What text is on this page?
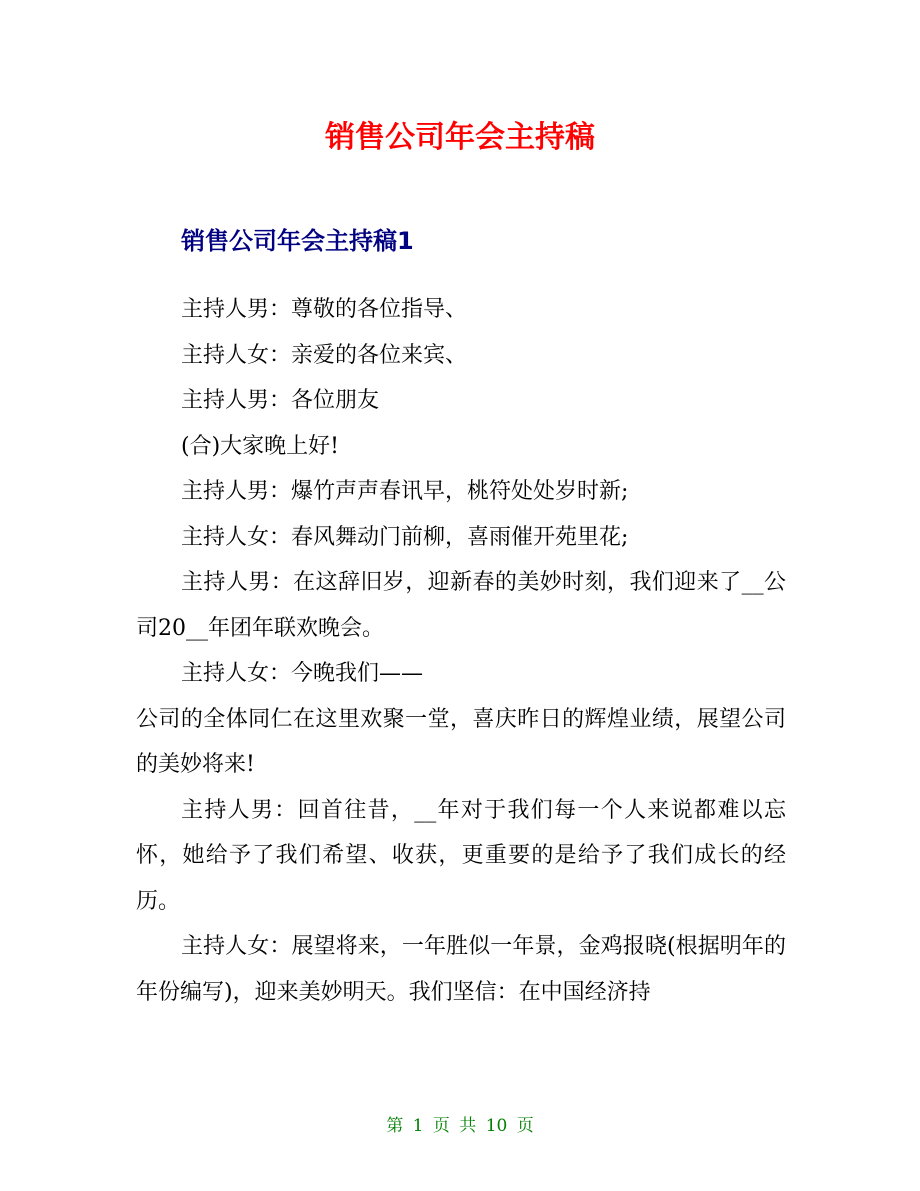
销售公司年会主持稿
销售公司年会主持稿1

主持人男：尊敬的各位指导、

主持人女：亲爱的各位来宾、

主持人男：各位朋友

(合)大家晚上好!

主持人男：爆竹声声春讯早，桃符处处岁时新;

主持人女：春风舞动门前柳，喜雨催开苑里花;

主持人男：在这辞旧岁，迎新春的美妙时刻，我们迎来了__公司20__年团年联欢晚会。

主持人女：今晚我们——

公司的全体同仁在这里欢聚一堂，喜庆昨日的辉煌业绩，展望公司的美妙将来!

主持人男：回首往昔，__年对于我们每一个人来说都难以忘怀，她给予了我们希望、收获，更重要的是给予了我们成长的经历。

主持人女：展望将来，一年胜似一年景，金鸡报晓(根据明年的年份编写)，迎来美妙明天。我们坚信：在中国经济持

第 1 页 共 10 页
